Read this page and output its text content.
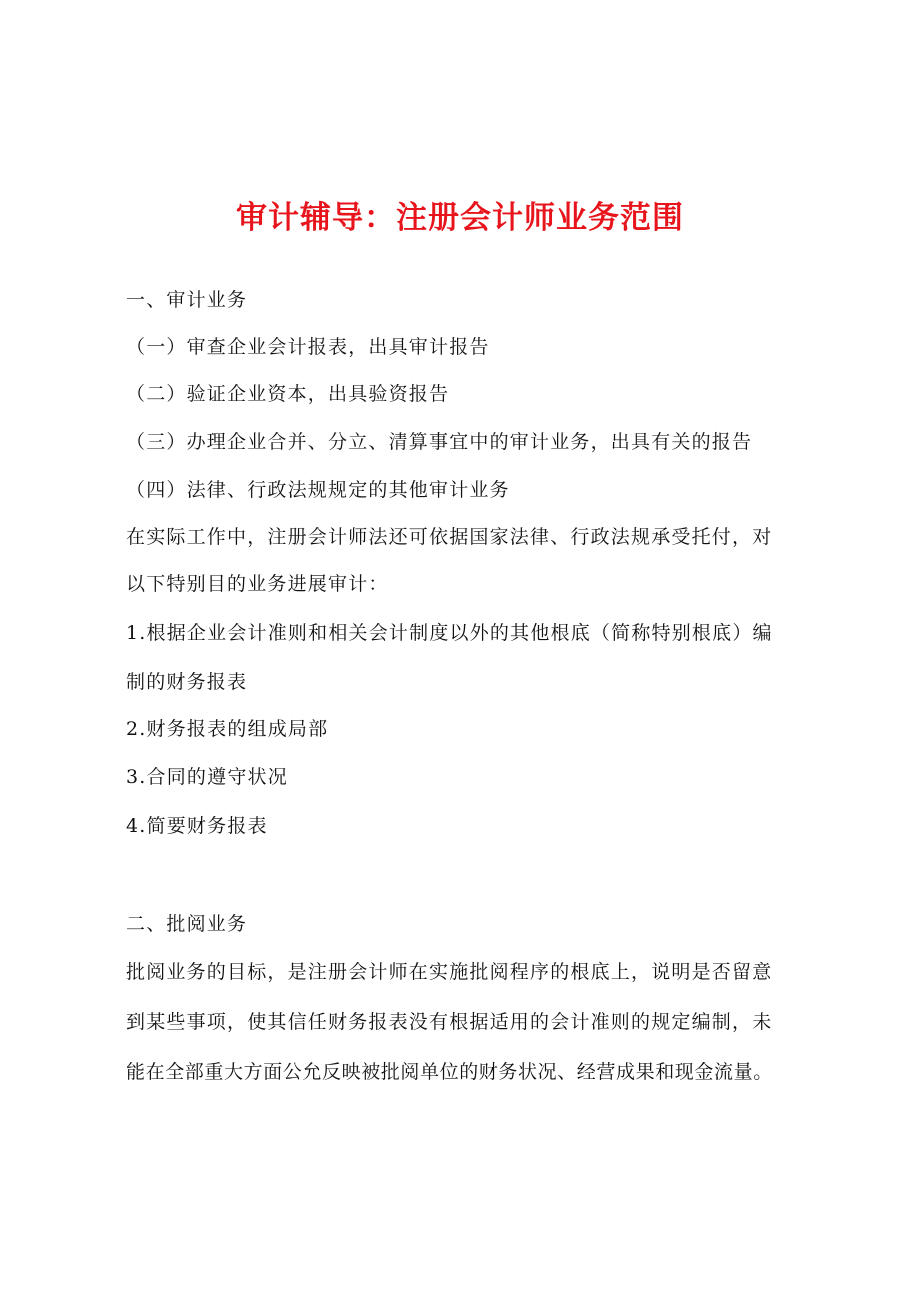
审计辅导：注册会计师业务范围

一、审计业务

（一）审查企业会计报表，出具审计报告

（二）验证企业资本，出具验资报告

（三）办理企业合并、分立、清算事宜中的审计业务，出具有关的报告

（四）法律、行政法规规定的其他审计业务

在实际工作中，注册会计师法还可依据国家法律、行政法规承受托付，对

以下特别目的业务进展审计：

1.根据企业会计准则和相关会计制度以外的其他根底（简称特别根底）编

制的财务报表

2.财务报表的组成局部

3.合同的遵守状况

4.简要财务报表

二、批阅业务

批阅业务的目标，是注册会计师在实施批阅程序的根底上，说明是否留意

到某些事项，使其信任财务报表没有根据适用的会计准则的规定编制，未

能在全部重大方面公允反映被批阅单位的财务状况、经营成果和现金流量。
